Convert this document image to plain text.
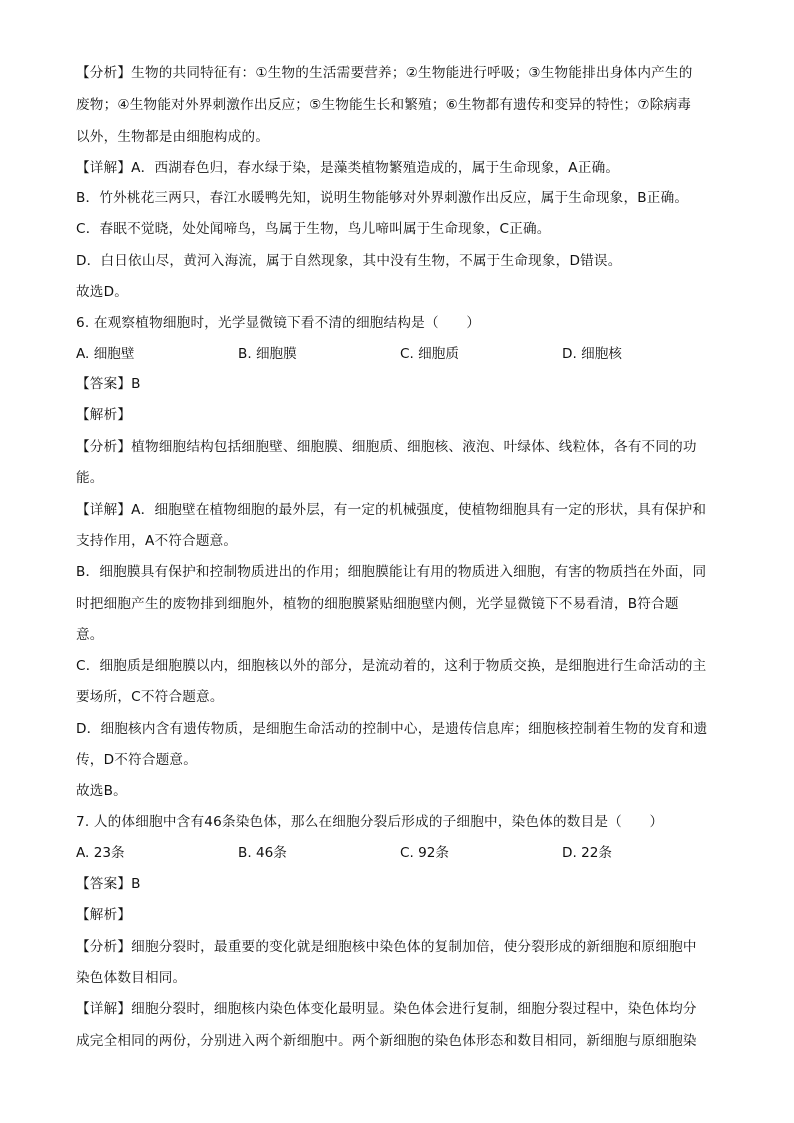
【分析】生物的共同特征有：①生物的生活需要营养；②生物能进行呼吸；③生物能排出身体内产生的
废物；④生物能对外界刺激作出反应；⑤生物能生长和繁殖；⑥生物都有遗传和变异的特性；⑦除病毒
以外，生物都是由细胞构成的。
【详解】A．西湖春色归，春水绿于染，是藻类植物繁殖造成的，属于生命现象，A正确。
B．竹外桃花三两只，春江水暖鸭先知，说明生物能够对外界刺激作出反应，属于生命现象，B正确。
C．春眠不觉晓，处处闻啼鸟，鸟属于生物，鸟儿啼叫属于生命现象，C正确。
D．白日依山尽，黄河入海流，属于自然现象，其中没有生物，不属于生命现象，D错误。
故选D。
6. 在观察植物细胞时，光学显微镜下看不清的细胞结构是（　　）
A. 细胞壁	B. 细胞膜	C. 细胞质	D. 细胞核
【答案】B
【解析】
【分析】植物细胞结构包括细胞壁、细胞膜、细胞质、细胞核、液泡、叶绿体、线粒体，各有不同的功
能。
【详解】A．细胞壁在植物细胞的最外层，有一定的机械强度，使植物细胞具有一定的形状，具有保护和
支持作用，A不符合题意。
B．细胞膜具有保护和控制物质进出的作用；细胞膜能让有用的物质进入细胞，有害的物质挡在外面，同
时把细胞产生的废物排到细胞外，植物的细胞膜紧贴细胞壁内侧，光学显微镜下不易看清，B符合题
意。
C．细胞质是细胞膜以内，细胞核以外的部分，是流动着的，这利于物质交换，是细胞进行生命活动的主
要场所，C不符合题意。
D．细胞核内含有遗传物质，是细胞生命活动的控制中心，是遗传信息库；细胞核控制着生物的发育和遗
传，D不符合题意。
故选B。
7. 人的体细胞中含有46条染色体，那么在细胞分裂后形成的子细胞中，染色体的数目是（　　）
A. 23条	B. 46条	C. 92条	D. 22条
【答案】B
【解析】
【分析】细胞分裂时，最重要的变化就是细胞核中染色体的复制加倍，使分裂形成的新细胞和原细胞中
染色体数目相同。
【详解】细胞分裂时，细胞核内染色体变化最明显。染色体会进行复制，细胞分裂过程中，染色体均分
成完全相同的两份，分别进入两个新细胞中。两个新细胞的染色体形态和数目相同，新细胞与原细胞染
